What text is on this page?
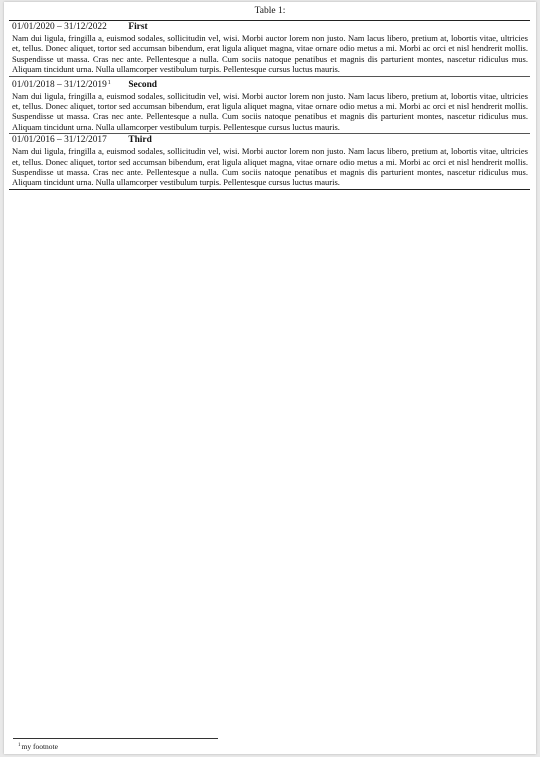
Table 1:
01/01/2020 – 31/12/2022 First

Nam dui ligula, fringilla a, euismod sodales, sollicitudin vel, wisi. Morbi auctor lorem non justo. Nam lacus libero, pretium at, lobortis vitae, ultricies et, tellus. Donec aliquet, tortor sed accumsan bibendum, erat ligula aliquet magna, vitae ornare odio metus a mi. Morbi ac orci et nisl hendrerit mollis. Suspendisse ut massa. Cras nec ante. Pellentesque a nulla. Cum sociis natoque penatibus et magnis dis parturient montes, nascetur ridiculus mus. Aliquam tincidunt urna. Nulla ullamcorper vestibulum turpis. Pellentesque cursus luctus mauris.

01/01/2018 – 31/12/2019$^1$ Second

Nam dui ligula, fringilla a, euismod sodales, sollicitudin vel, wisi. Morbi auctor lorem non justo. Nam lacus libero, pretium at, lobortis vitae, ultricies et, tellus. Donec aliquet, tortor sed accumsan bibendum, erat ligula aliquet magna, vitae ornare odio metus a mi. Morbi ac orci et nisl hendrerit mollis. Suspendisse ut massa. Cras nec ante. Pellentesque a nulla. Cum sociis natoque penatibus et magnis dis parturient montes, nascetur ridiculus mus. Aliquam tincidunt urna. Nulla ullamcorper vestibulum turpis. Pellentesque cursus luctus mauris.

01/01/2016 – 31/12/2017 Third

Nam dui ligula, fringilla a, euismod sodales, sollicitudin vel, wisi. Morbi auctor lorem non justo. Nam lacus libero, pretium at, lobortis vitae, ultricies et, tellus. Donec aliquet, tortor sed accumsan bibendum, erat ligula aliquet magna, vitae ornare odio metus a mi. Morbi ac orci et nisl hendrerit mollis. Suspendisse ut massa. Cras nec ante. Pellentesque a nulla. Cum sociis natoque penatibus et magnis dis parturient montes, nascetur ridiculus mus. Aliquam tincidunt urna. Nulla ullamcorper vestibulum turpis. Pellentesque cursus luctus mauris.

$^1$my footnote
